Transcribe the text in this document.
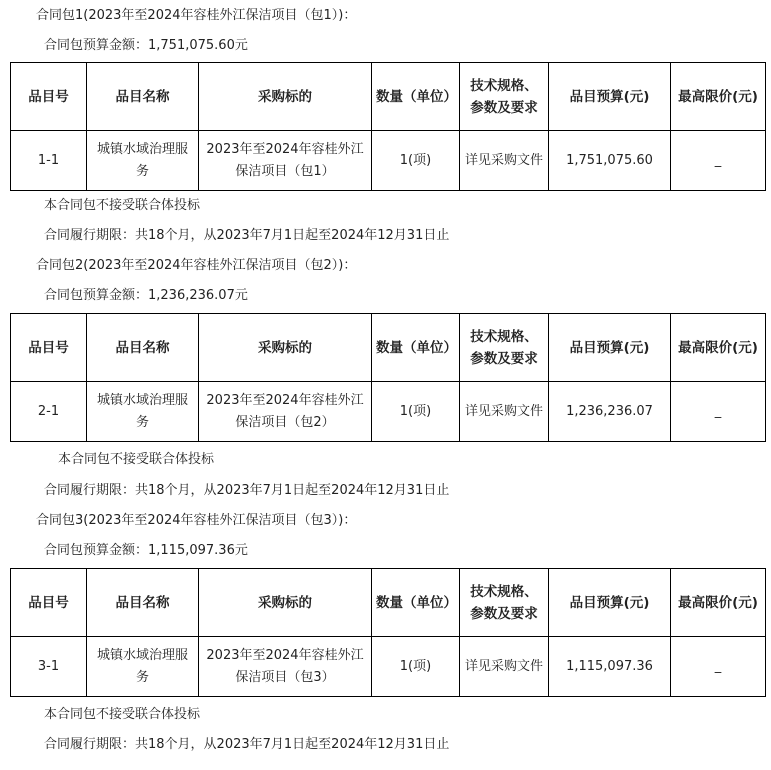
合同包1(2023年至2024年容桂外江保洁项目（包1）)：
合同包预算金额：1,751,075.60元
品目号	品目名称	采购标的	数量（单位）	技术规格、参数及要求	品目预算(元)	最高限价(元)
1-1	城镇水域治理服务	2023年至2024年容桂外江保洁项目（包1）	1(项)	详见采购文件	1,751,075.60	_
本合同包不接受联合体投标
合同履行期限：共18个月，从2023年7月1日起至2024年12月31日止
合同包2(2023年至2024年容桂外江保洁项目（包2）)：
合同包预算金额：1,236,236.07元
品目号	品目名称	采购标的	数量（单位）	技术规格、参数及要求	品目预算(元)	最高限价(元)
2-1	城镇水域治理服务	2023年至2024年容桂外江保洁项目（包2）	1(项)	详见采购文件	1,236,236.07	_
本合同包不接受联合体投标
合同履行期限：共18个月，从2023年7月1日起至2024年12月31日止
合同包3(2023年至2024年容桂外江保洁项目（包3）)：
合同包预算金额：1,115,097.36元
品目号	品目名称	采购标的	数量（单位）	技术规格、参数及要求	品目预算(元)	最高限价(元)
3-1	城镇水域治理服务	2023年至2024年容桂外江保洁项目（包3）	1(项)	详见采购文件	1,115,097.36	_
本合同包不接受联合体投标
合同履行期限：共18个月，从2023年7月1日起至2024年12月31日止
